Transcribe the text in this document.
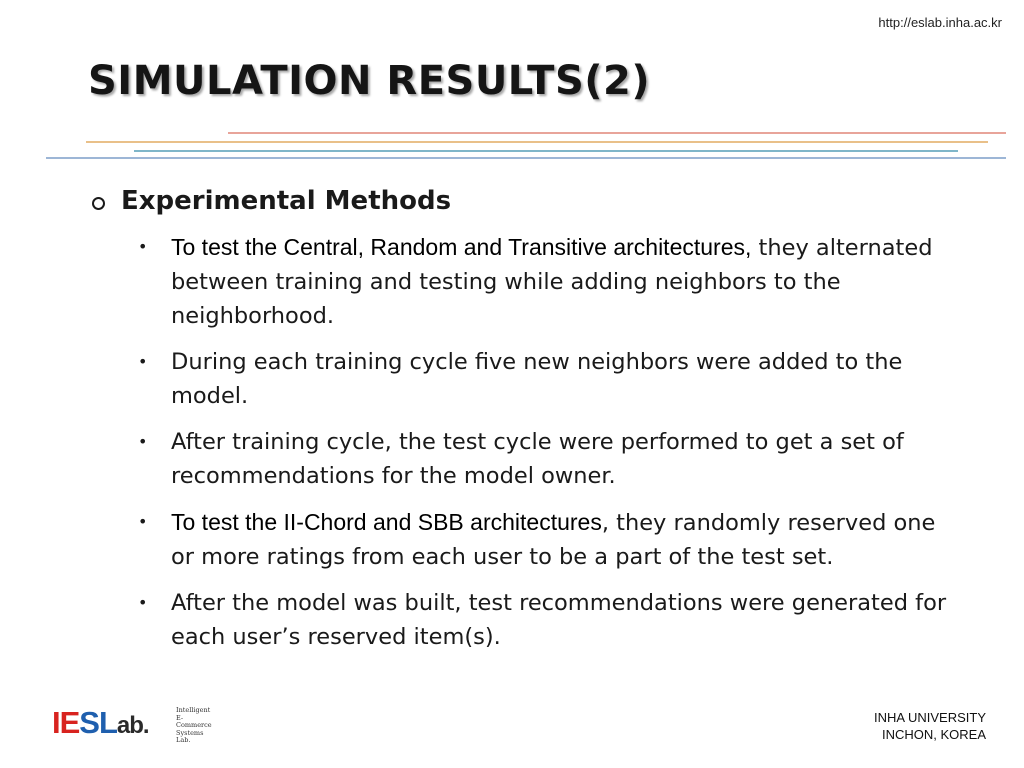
http://eslab.inha.ac.kr
SIMULATION RESULTS(2)
Experimental Methods
• To test the Central, Random and Transitive architectures, they alternated between training and testing while adding neighbors to the neighborhood.
• During each training cycle five new neighbors were added to the model.
• After training cycle, the test cycle were performed to get a set of recommendations for the model owner.
• To test the II-Chord and SBB architectures, they randomly reserved one or more ratings from each user to be a part of the test set.
• After the model was built, test recommendations were generated for each user’s reserved item(s).
IESLab.
Intelligent
E-Commerce
Systems
Lab.
INHA UNIVERSITY
INCHON, KOREA
